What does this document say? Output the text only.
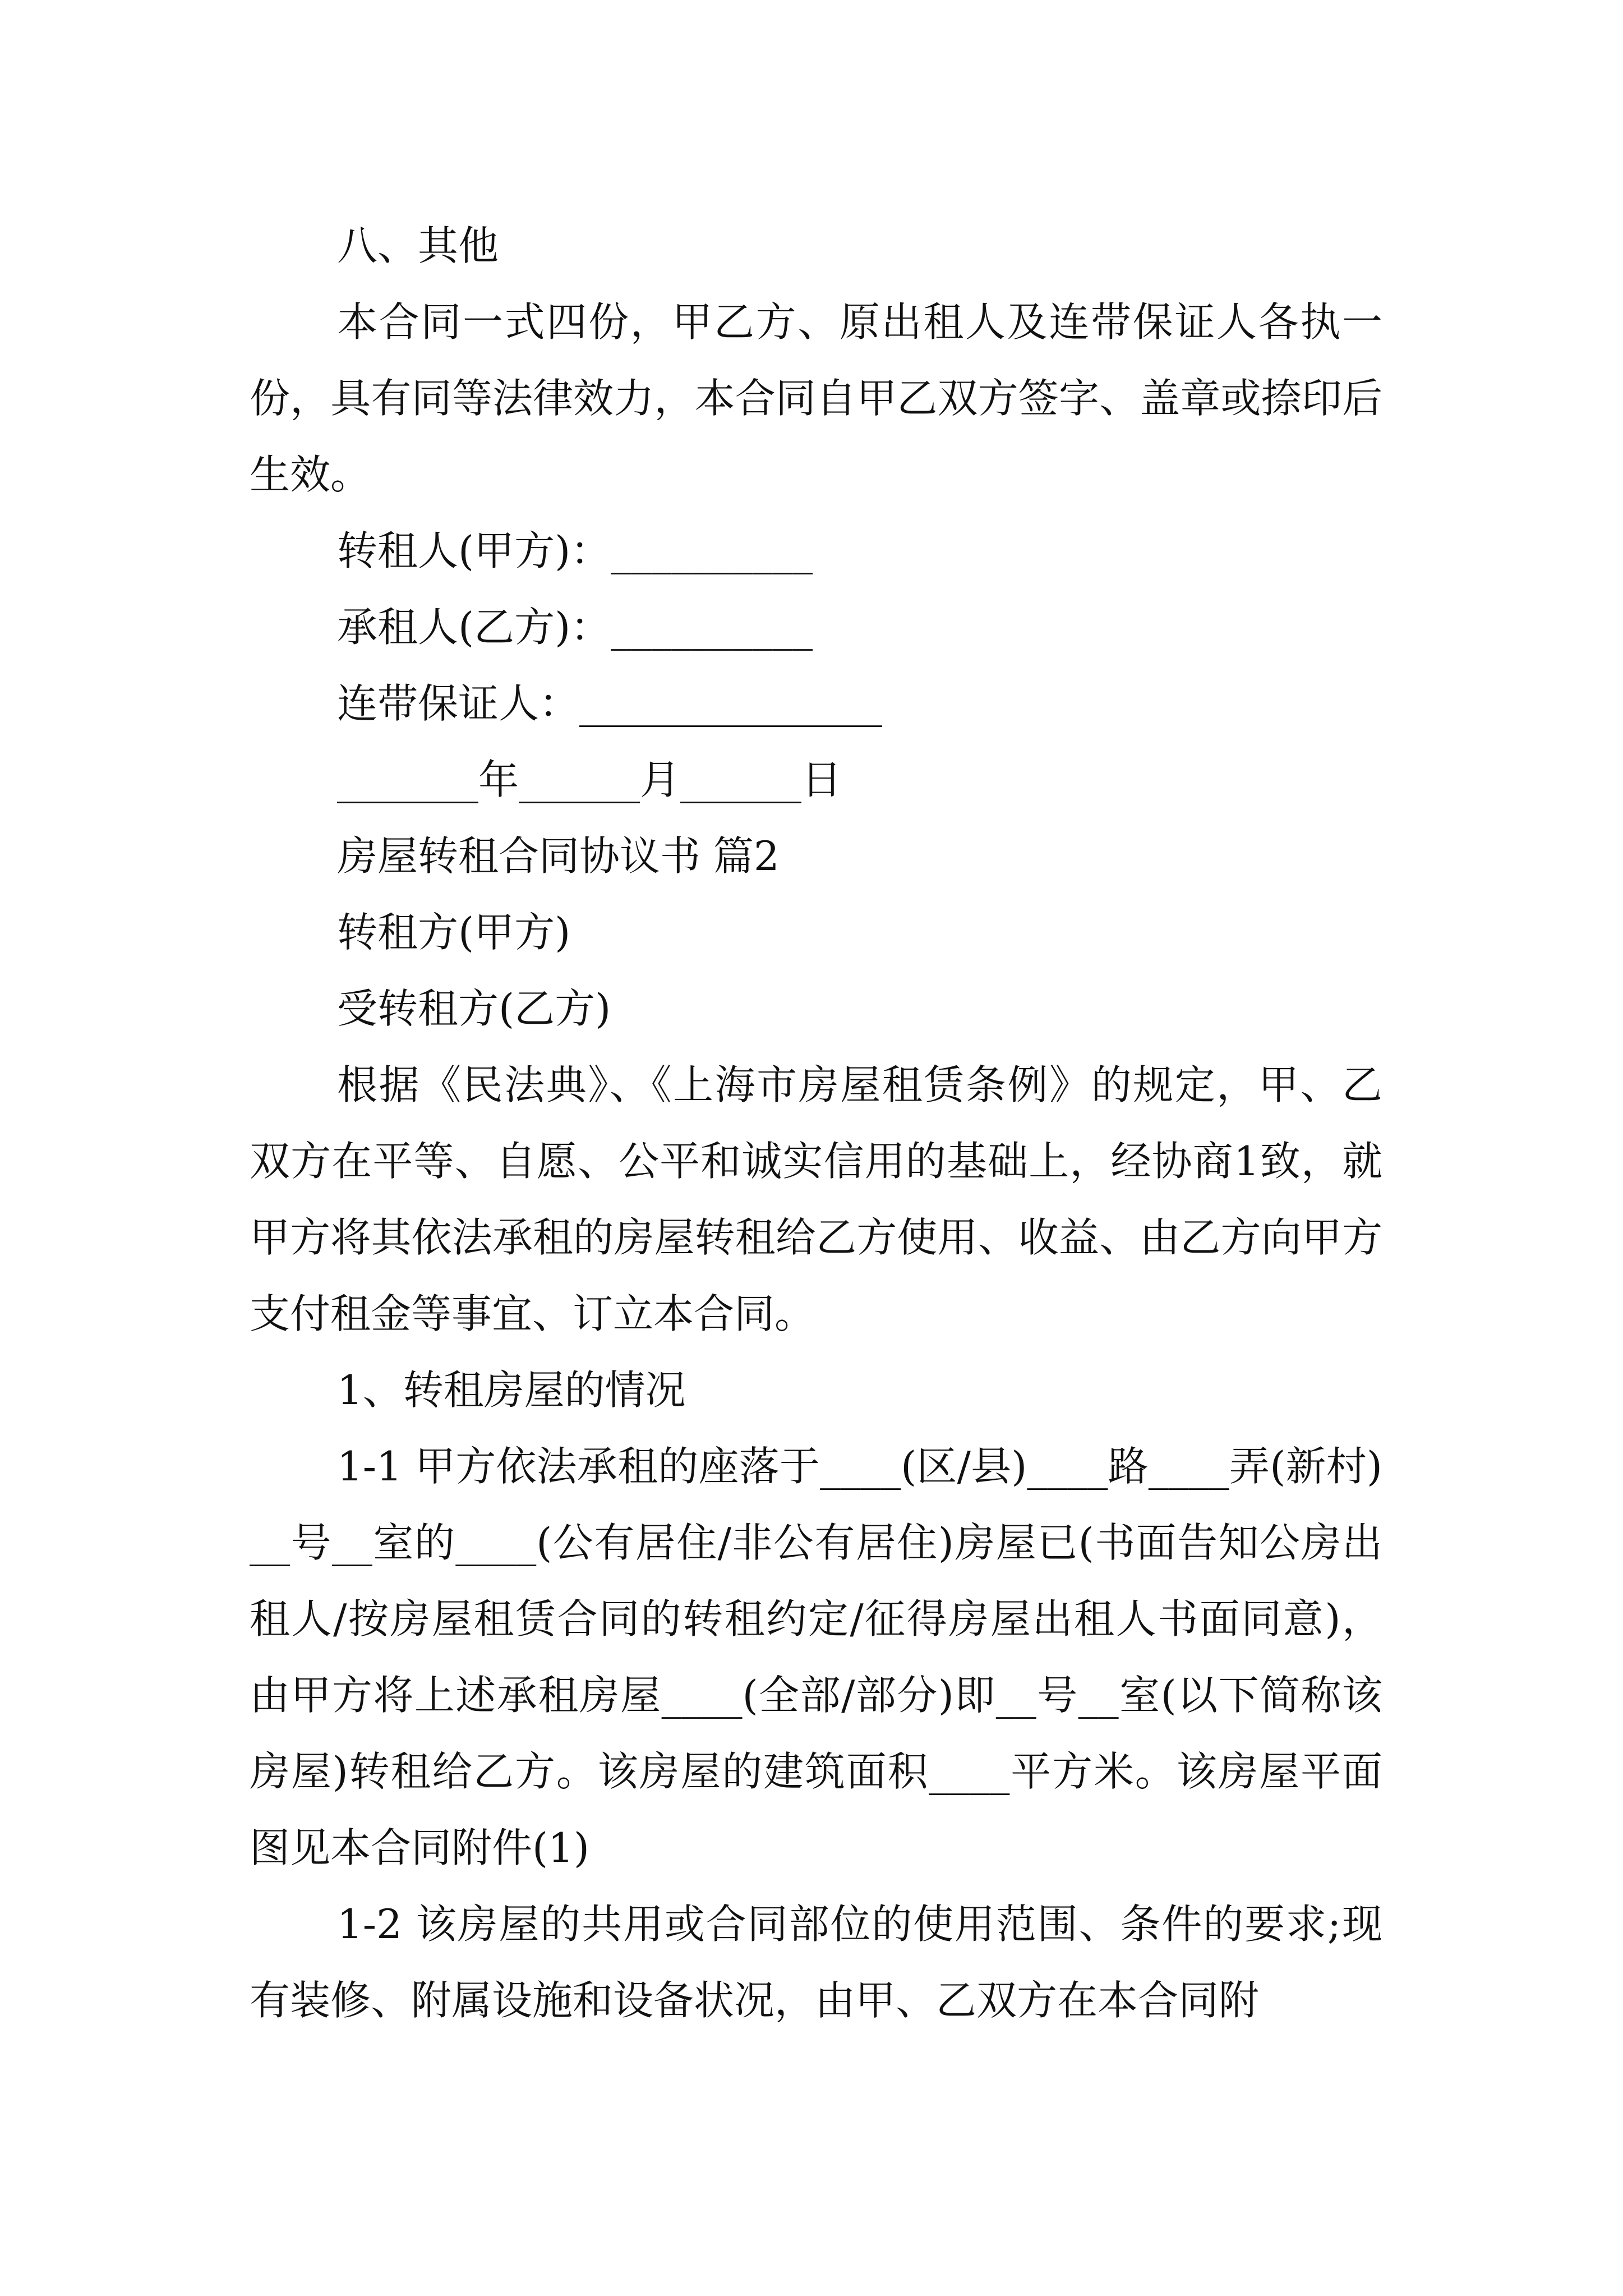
八、其他

本合同一式四份，甲乙方、原出租人及连带保证人各执一份，具有同等法律效力，本合同自甲乙双方签字、盖章或捺印后生效。

转租人(甲方)：__________

承租人(乙方)：__________

连带保证人：_______________

_______年______月______日

房屋转租合同协议书 篇2

转租方(甲方)

受转租方(乙方)

根据《民法典》、《上海市房屋租赁条例》的规定，甲、乙双方在平等、自愿、公平和诚实信用的基础上，经协商1致，就甲方将其依法承租的房屋转租给乙方使用、收益、由乙方向甲方支付租金等事宜、订立本合同。

1、转租房屋的情况

1-1 甲方依法承租的座落于____(区/县)____路____弄(新村)__号__室的____(公有居住/非公有居住)房屋已(书面告知公房出租人/按房屋租赁合同的转租约定/征得房屋出租人书面同意)，由甲方将上述承租房屋____(全部/部分)即__号__室(以下简称该房屋)转租给乙方。该房屋的建筑面积____平方米。该房屋平面图见本合同附件(1)

1-2 该房屋的共用或合同部位的使用范围、条件的要求;现有装修、附属设施和设备状况，由甲、乙双方在本合同附
